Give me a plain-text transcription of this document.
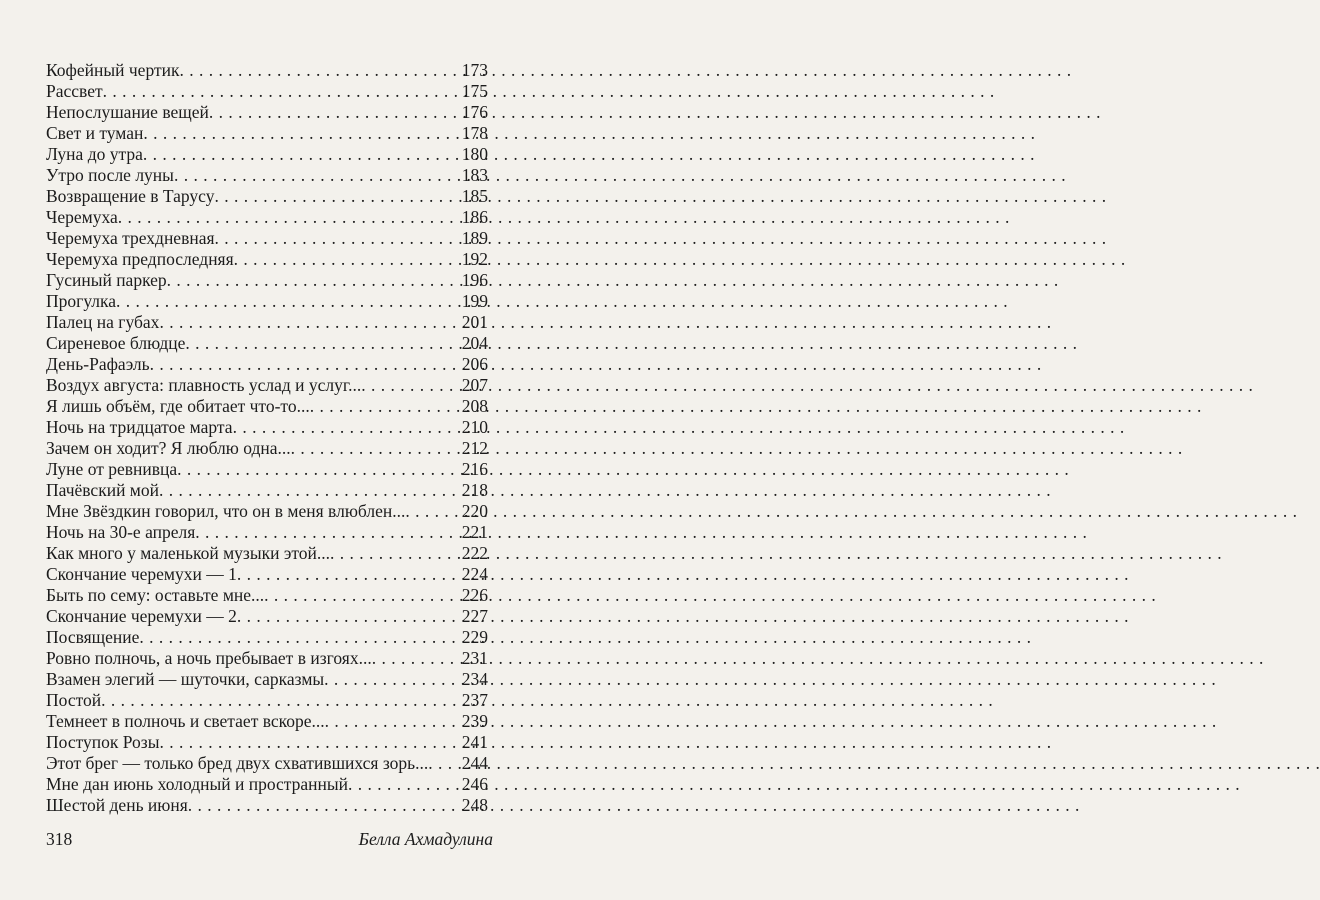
Кофейный чертик . . .	173
Рассвет . . .	175
Непослушание вещей . . .	176
Свет и туман . . .	178
Луна до утра . . .	180
Утро после луны . . .	183
Возвращение в Тарусу . . .	185
Черемуха . . .	186
Черемуха трехдневная . . .	189
Черемуха предпоследняя . . .	192
Гусиный паркер . . .	196
Прогулка . . .	199
Палец на губах . . .	201
Сиреневое блюдце . . .	204
День-Рафаэль . . .	206
Воздух августа: плавность услад и услуг... . . .	207
Я лишь объём, где обитает что-то... . . .	208
Ночь на тридцатое марта . . .	210
Зачем он ходит? Я люблю одна... . . .	212
Луне от ревнивца . . .	216
Пачёвский мой . . .	218
Мне Звёздкин говорил, что он в меня влюблен... . . .	220
Ночь на 30-е апреля . . .	221
Как много у маленькой музыки этой... . . .	222
Скончание черемухи — 1 . . .	224
Быть по сему: оставьте мне... . . .	226
Скончание черемухи — 2 . . .	227
Посвящение . . .	229
Ровно полночь, а ночь пребывает в изгоях... . . .	231
Взамен элегий — шуточки, сарказмы . . .	234
Постой . . .	237
Темнеет в полночь и светает вскоре... . . .	239
Поступок Розы . . .	241
Этот брег — только бред двух схватившихся зорь... . . . 244
Мне дан июнь холодный и пространный . . .	246
Шестой день июня . . .	248
318	Белла Ахмадулина
